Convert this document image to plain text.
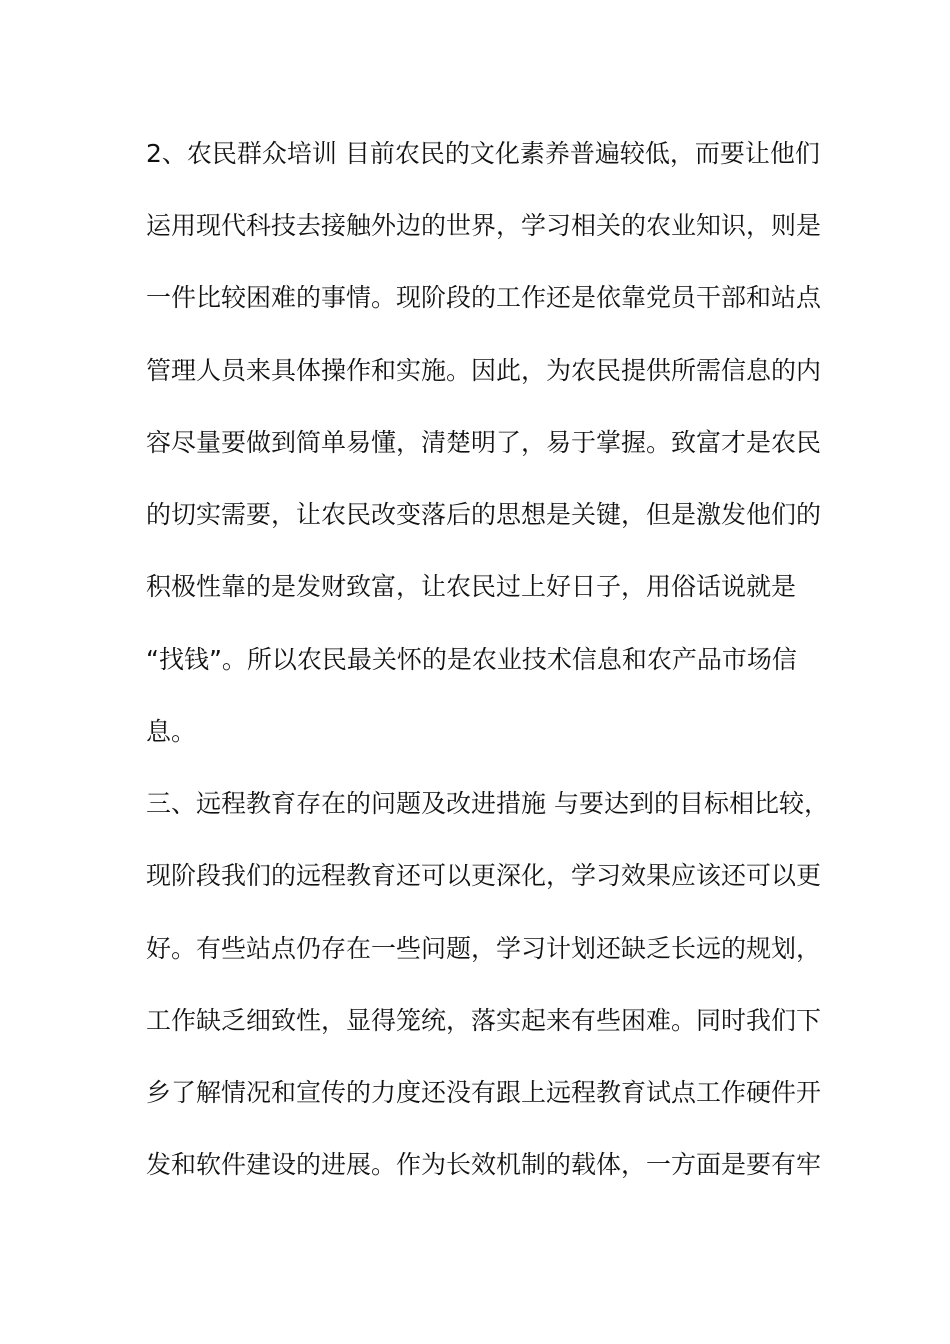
2、农民群众培训 目前农民的文化素养普遍较低，而要让他们
运用现代科技去接触外边的世界，学习相关的农业知识，则是
一件比较困难的事情。现阶段的工作还是依靠党员干部和站点
管理人员来具体操作和实施。因此，为农民提供所需信息的内
容尽量要做到简单易懂，清楚明了，易于掌握。致富才是农民
的切实需要，让农民改变落后的思想是关键，但是激发他们的
积极性靠的是发财致富，让农民过上好日子，用俗话说就是
“找钱”。所以农民最关怀的是农业技术信息和农产品市场信
息。
三、远程教育存在的问题及改进措施 与要达到的目标相比较，
现阶段我们的远程教育还可以更深化，学习效果应该还可以更
好。有些站点仍存在一些问题，学习计划还缺乏长远的规划，
工作缺乏细致性，显得笼统，落实起来有些困难。同时我们下
乡了解情况和宣传的力度还没有跟上远程教育试点工作硬件开
发和软件建设的进展。作为长效机制的载体，一方面是要有牢
